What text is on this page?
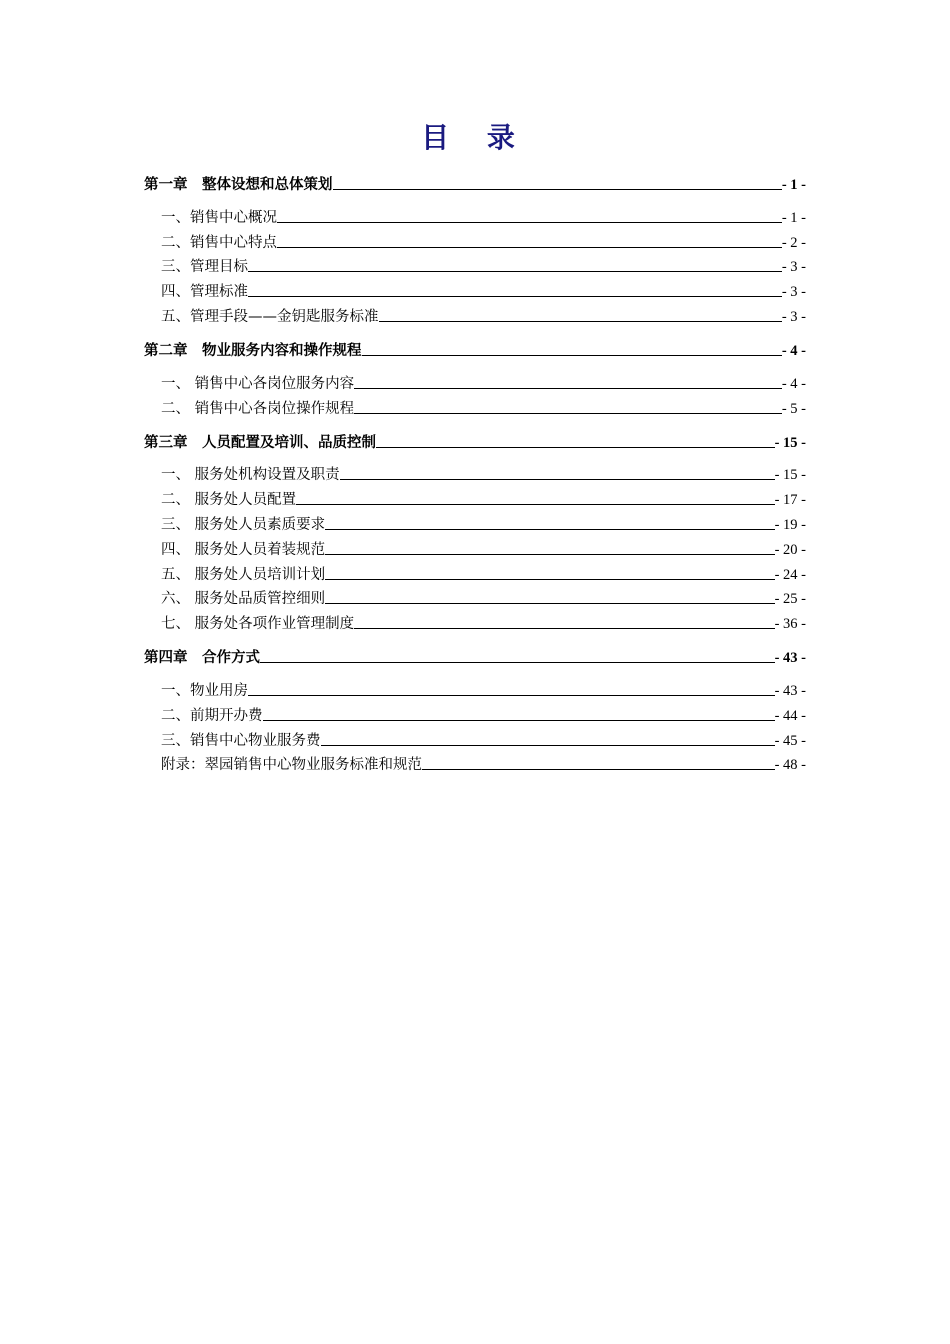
目 录
第一章　整体设想和总体策划	- 1 -
一、销售中心概况	- 1 -
二、销售中心特点	- 2 -
三、管理目标	- 3 -
四、管理标准	- 3 -
五、管理手段——金钥匙服务标准	- 3 -
第二章　物业服务内容和操作规程	- 4 -
一、 销售中心各岗位服务内容	- 4 -
二、 销售中心各岗位操作规程	- 5 -
第三章　人员配置及培训、品质控制	- 15 -
一、 服务处机构设置及职责	- 15 -
二、 服务处人员配置	- 17 -
三、 服务处人员素质要求	- 19 -
四、 服务处人员着装规范	- 20 -
五、 服务处人员培训计划	- 24 -
六、 服务处品质管控细则	- 25 -
七、 服务处各项作业管理制度	- 36 -
第四章　合作方式	- 43 -
一、物业用房	- 43 -
二、前期开办费	- 44 -
三、销售中心物业服务费	- 45 -
附录：翠园销售中心物业服务标准和规范	- 48 -
